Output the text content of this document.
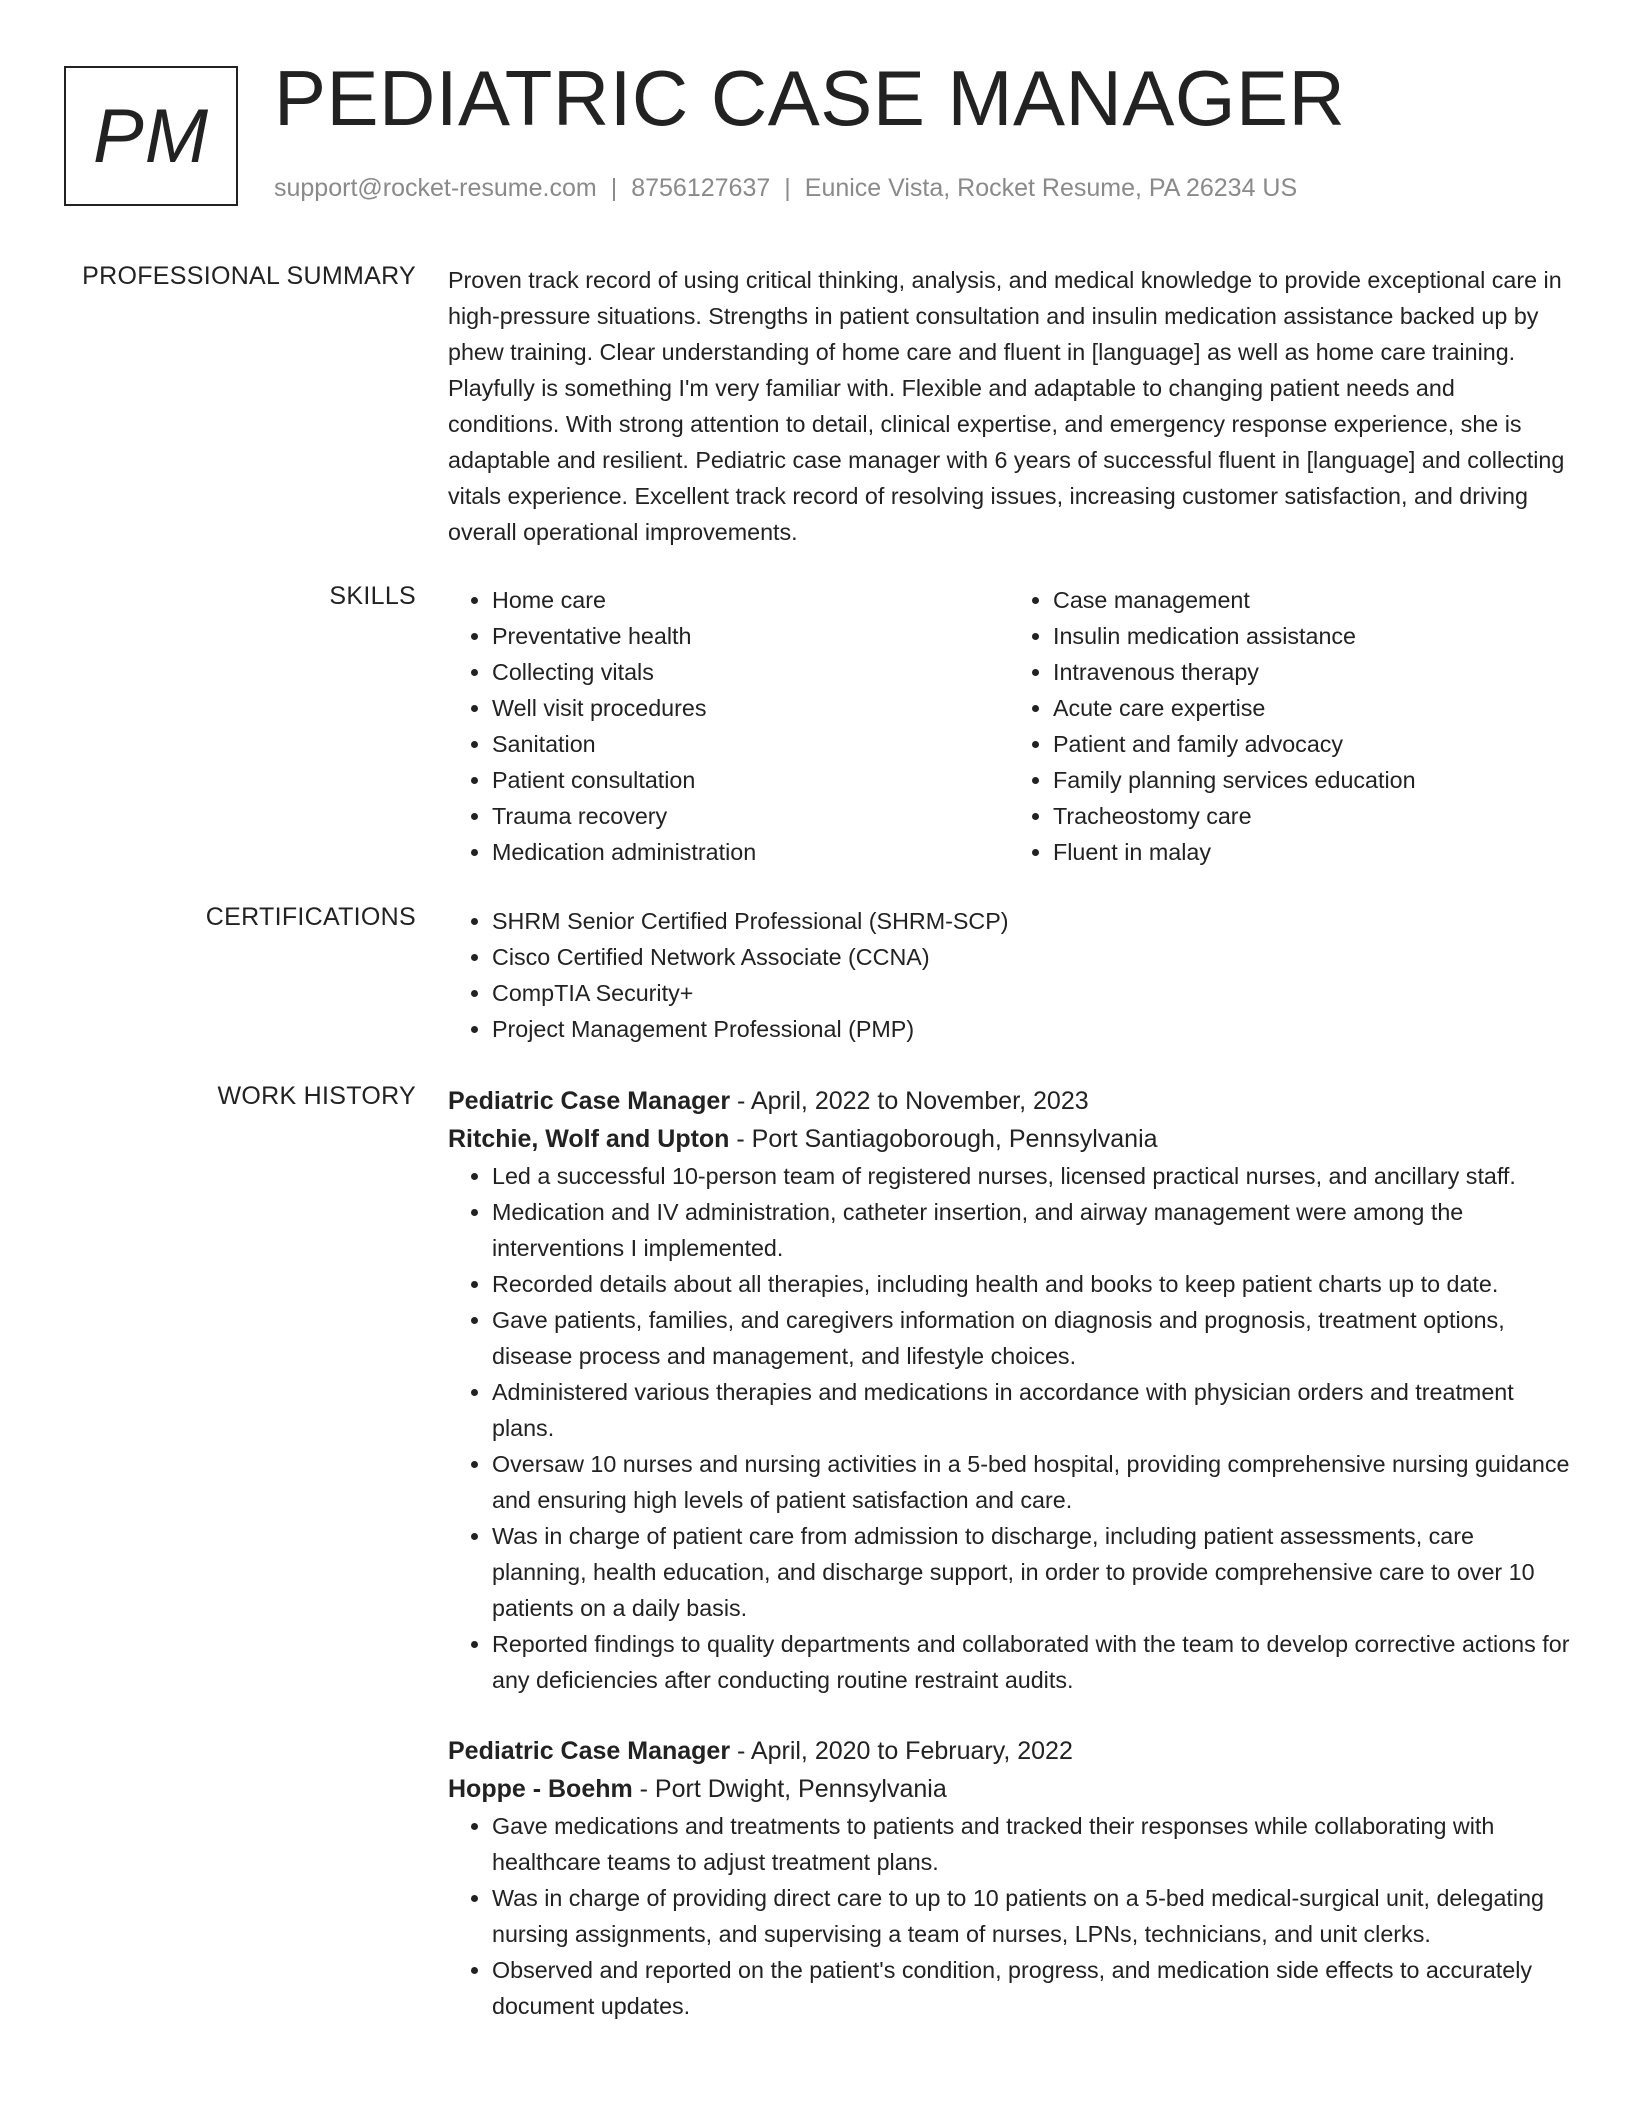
PM PEDIATRIC CASE MANAGER
support@rocket-resume.com | 8756127637 | Eunice Vista, Rocket Resume, PA 26234 US
PROFESSIONAL SUMMARY Proven track record of using critical thinking, analysis, and medical knowledge to provide exceptional care in high-pressure situations. Strengths in patient consultation and insulin medication assistance backed up by phew training. Clear understanding of home care and fluent in [language] as well as home care training. Playfully is something I'm very familiar with. Flexible and adaptable to changing patient needs and conditions. With strong attention to detail, clinical expertise, and emergency response experience, she is adaptable and resilient. Pediatric case manager with 6 years of successful fluent in [language] and collecting vitals experience. Excellent track record of resolving issues, increasing customer satisfaction, and driving overall operational improvements.

SKILLS	• Home care
• Preventative health
• Collecting vitals
• Well visit procedures
• Sanitation
• Patient consultation
• Trauma recovery
• Medication administration
• Case management
• Insulin medication assistance
• Intravenous therapy
• Acute care expertise
• Patient and family advocacy
• Family planning services education
• Tracheostomy care
• Fluent in malay
CERTIFICATIONS	• SHRM Senior Certified Professional (SHRM-SCP)
• Cisco Certified Network Associate (CCNA)
• CompTIA Security+
• Project Management Professional (PMP)
WORK HISTORY Pediatric Case Manager - April, 2022 to November, 2023
Ritchie, Wolf and Upton - Port Santiagoborough, Pennsylvania
• Led a successful 10-person team of registered nurses, licensed practical nurses, and ancillary staff.
• Medication and IV administration, catheter insertion, and airway management were among the interventions I implemented.
• Recorded details about all therapies, including health and books to keep patient charts up to date.
• Gave patients, families, and caregivers information on diagnosis and prognosis, treatment options, disease process and management, and lifestyle choices.
• Administered various therapies and medications in accordance with physician orders and treatment plans.
• Oversaw 10 nurses and nursing activities in a 5-bed hospital, providing comprehensive nursing guidance and ensuring high levels of patient satisfaction and care.
• Was in charge of patient care from admission to discharge, including patient assessments, care planning, health education, and discharge support, in order to provide comprehensive care to over 10 patients on a daily basis.
• Reported findings to quality departments and collaborated with the team to develop corrective actions for any deficiencies after conducting routine restraint audits.
Pediatric Case Manager - April, 2020 to February, 2022
Hoppe - Boehm - Port Dwight, Pennsylvania
• Gave medications and treatments to patients and tracked their responses while collaborating with healthcare teams to adjust treatment plans.
• Was in charge of providing direct care to up to 10 patients on a 5-bed medical-surgical unit, delegating nursing assignments, and supervising a team of nurses, LPNs, technicians, and unit clerks.
• Observed and reported on the patient's condition, progress, and medication side effects to accurately document updates.
